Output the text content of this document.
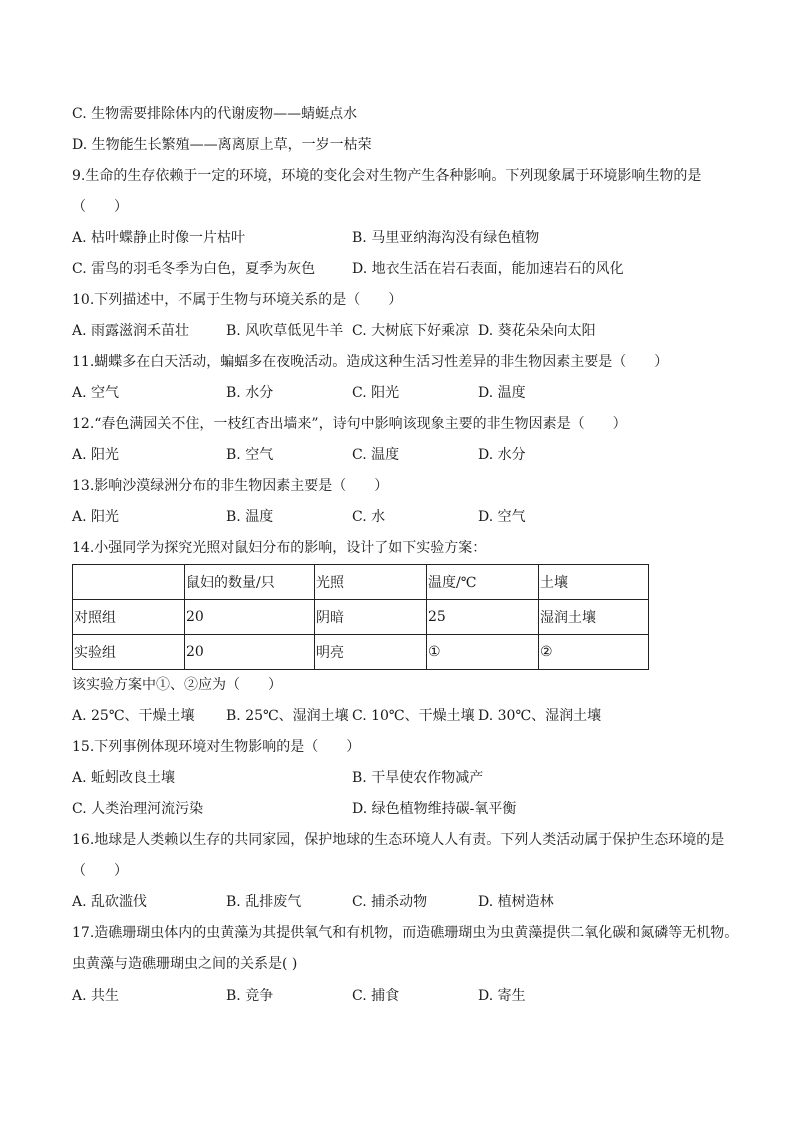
C. 生物需要排除体内的代谢废物——蜻蜓点水
D. 生物能生长繁殖——离离原上草，一岁一枯荣
9.生命的生存依赖于一定的环境，环境的变化会对生物产生各种影响。下列现象属于环境影响生物的是
（　　）
A. 枯叶蝶静止时像一片枯叶	B. 马里亚纳海沟没有绿色植物
C. 雷鸟的羽毛冬季为白色，夏季为灰色	D. 地衣生活在岩石表面，能加速岩石的风化
10.下列描述中，不属于生物与环境关系的是（　　）
A. 雨露滋润禾苗壮	B. 风吹草低见牛羊 C. 大树底下好乘凉 D. 葵花朵朵向太阳
11.蝴蝶多在白天活动，蝙蝠多在夜晚活动。造成这种生活习性差异的非生物因素主要是（　　）
A. 空气	B. 水分	C. 阳光	D. 温度
12.“春色满园关不住，一枝红杏出墙来”，诗句中影响该现象主要的非生物因素是（　　）
A. 阳光	B. 空气	C. 温度	D. 水分
13.影响沙漠绿洲分布的非生物因素主要是（　　）
A. 阳光	B. 温度	C. 水	D. 空气
14.小强同学为探究光照对鼠妇分布的影响，设计了如下实验方案：
	鼠妇的数量/只	光照	温度/℃	土壤
对照组	20	阴暗	25	湿润土壤
实验组	20	明亮	①	②
该实验方案中①、②应为（　　）
A. 25℃、干燥土壤 B. 25℃、湿润土壤 C. 10℃、干燥土壤 D. 30℃、湿润土壤
15.下列事例体现环境对生物影响的是（　　）
A. 蚯蚓改良土壤	B. 干旱使农作物减产
C. 人类治理河流污染	D. 绿色植物维持碳-氧平衡
16.地球是人类赖以生存的共同家园，保护地球的生态环境人人有责。下列人类活动属于保护生态环境的是
（　　）
A. 乱砍滥伐	B. 乱排废气	C. 捕杀动物	D. 植树造林
17.造礁珊瑚虫体内的虫黄藻为其提供氧气和有机物，而造礁珊瑚虫为虫黄藻提供二氧化碳和氮磷等无机物。
虫黄藻与造礁珊瑚虫之间的关系是( )
A. 共生	B. 竞争	C. 捕食	D. 寄生
